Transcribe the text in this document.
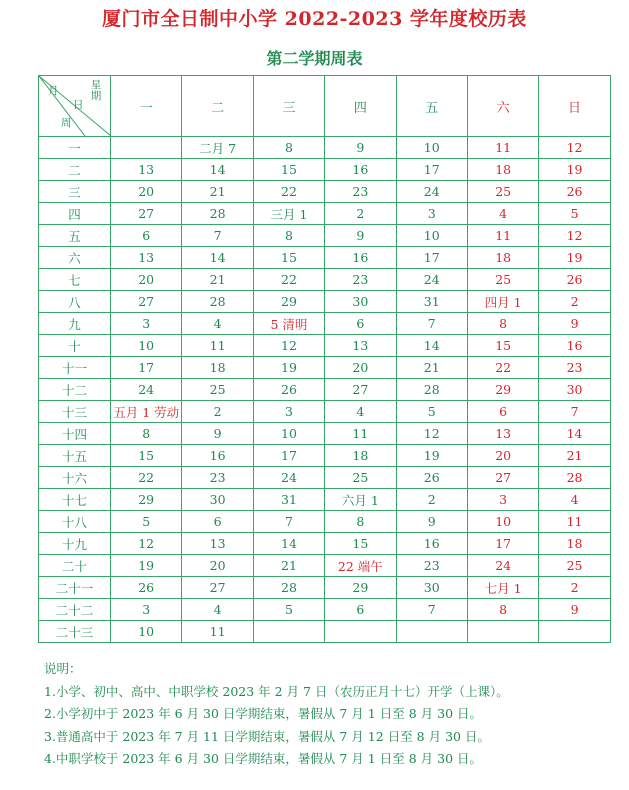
厦门市全日制中小学 2022-2023 学年度校历表
第二学期周表
月 星期
日
周	一	二	三	四	五	六	日
一		二月 7	8	9	10	11	12
二	13	14	15	16	17	18	19
三	20	21	22	23	24	25	26
四	27	28	三月 1	2	3	4	5
五	6	7	8	9	10	11	12
六	13	14	15	16	17	18	19
七	20	21	22	23	24	25	26
八	27	28	29	30	31	四月 1	2
九	3	4	5 清明	6	7	8	9
十	10	11	12	13	14	15	16
十一	17	18	19	20	21	22	23
十二	24	25	26	27	28	29	30
十三	五月 1 劳动	2	3	4	5	6	7
十四	8	9	10	11	12	13	14
十五	15	16	17	18	19	20	21
十六	22	23	24	25	26	27	28
十七	29	30	31	六月 1	2	3	4
十八	5	6	7	8	9	10	11
十九	12	13	14	15	16	17	18
二十	19	20	21	22 端午	23	24	25
二十一	26	27	28	29	30	七月 1	2
二十二	3	4	5	6	7	8	9
二十三	10	11					
说明：
1.小学、初中、高中、中职学校 2023 年 2 月 7 日（农历正月十七）开学（上课）。
2.小学初中于 2023 年 6 月 30 日学期结束，暑假从 7 月 1 日至 8 月 30 日。
3.普通高中于 2023 年 7 月 11 日学期结束，暑假从 7 月 12 日至 8 月 30 日。
4.中职学校于 2023 年 6 月 30 日学期结束，暑假从 7 月 1 日至 8 月 30 日。
